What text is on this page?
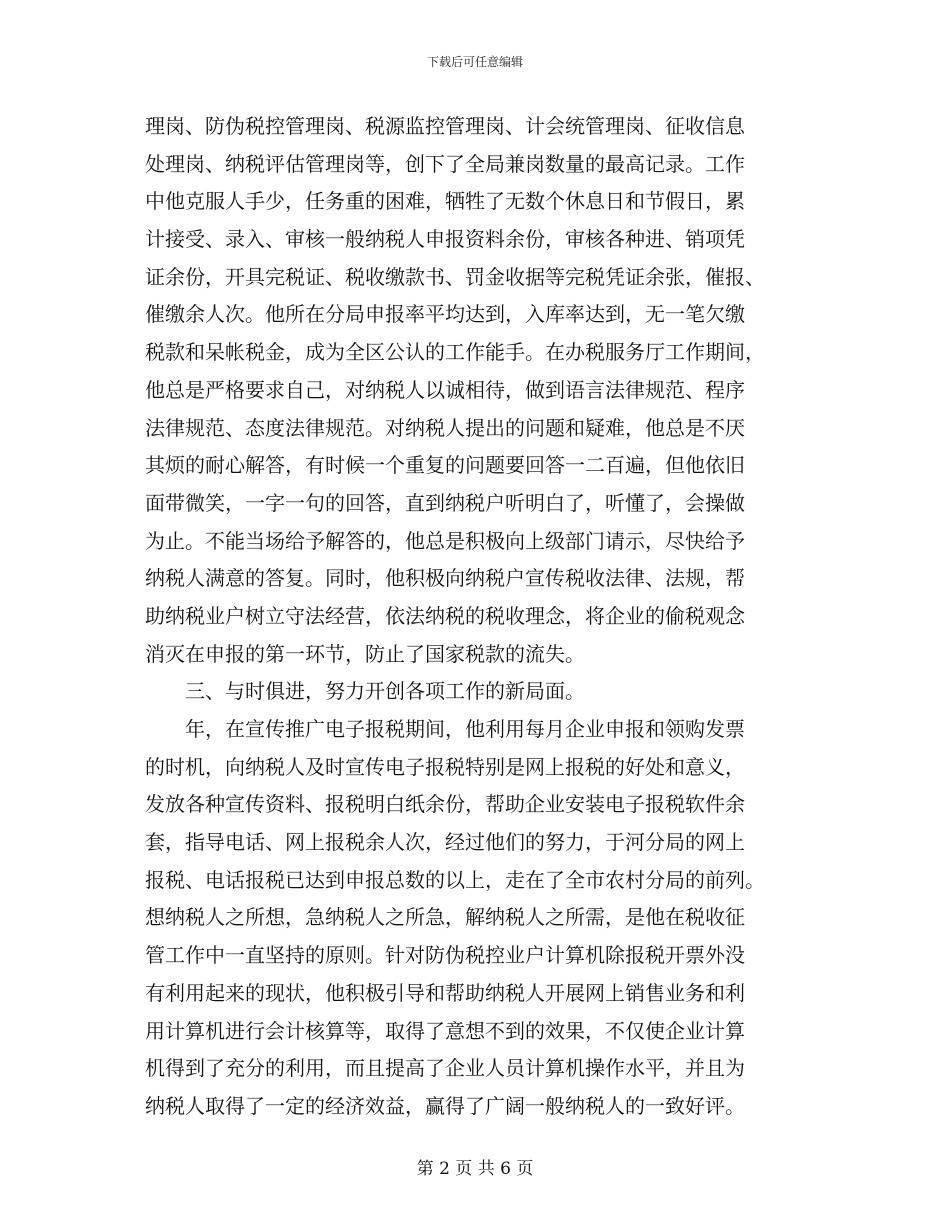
下载后可任意编辑
理岗、防伪税控管理岗、税源监控管理岗、计会统管理岗、征收信息
处理岗、纳税评估管理岗等，创下了全局兼岗数量的最高记录。工作
中他克服人手少，任务重的困难，牺牲了无数个休息日和节假日，累
计接受、录入、审核一般纳税人申报资料余份，审核各种进、销项凭
证余份，开具完税证、税收缴款书、罚金收据等完税凭证余张，催报、
催缴余人次。他所在分局申报率平均达到，入库率达到，无一笔欠缴
税款和呆帐税金，成为全区公认的工作能手。在办税服务厅工作期间，
他总是严格要求自己，对纳税人以诚相待，做到语言法律规范、程序
法律规范、态度法律规范。对纳税人提出的问题和疑难，他总是不厌
其烦的耐心解答，有时候一个重复的问题要回答一二百遍，但他依旧
面带微笑，一字一句的回答，直到纳税户听明白了，听懂了，会操做
为止。不能当场给予解答的，他总是积极向上级部门请示，尽快给予
纳税人满意的答复。同时，他积极向纳税户宣传税收法律、法规，帮
助纳税业户树立守法经营，依法纳税的税收理念，将企业的偷税观念
消灭在申报的第一环节，防止了国家税款的流失。
三、与时俱进，努力开创各项工作的新局面。
年，在宣传推广电子报税期间，他利用每月企业申报和领购发票
的时机，向纳税人及时宣传电子报税特别是网上报税的好处和意义，
发放各种宣传资料、报税明白纸余份，帮助企业安装电子报税软件余
套，指导电话、网上报税余人次，经过他们的努力，于河分局的网上
报税、电话报税已达到申报总数的以上，走在了全市农村分局的前列。
想纳税人之所想，急纳税人之所急，解纳税人之所需，是他在税收征
管工作中一直坚持的原则。针对防伪税控业户计算机除报税开票外没
有利用起来的现状，他积极引导和帮助纳税人开展网上销售业务和利
用计算机进行会计核算等，取得了意想不到的效果，不仅使企业计算
机得到了充分的利用，而且提高了企业人员计算机操作水平，并且为
纳税人取得了一定的经济效益，赢得了广阔一般纳税人的一致好评。
第 2 页 共 6 页
